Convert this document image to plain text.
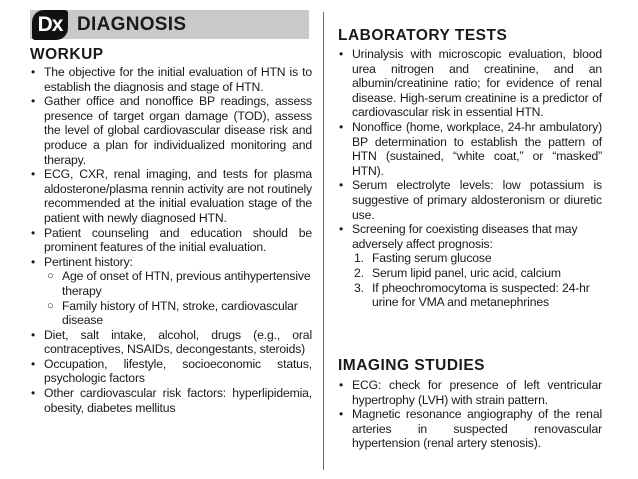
Dx DIAGNOSIS
WORKUP
• The objective for the initial evaluation of HTN is to establish the diagnosis and stage of HTN.
• Gather office and nonoffice BP readings, assess presence of target organ damage (TOD), assess the level of global cardiovascular disease risk and produce a plan for individualized monitoring and therapy.
• ECG, CXR, renal imaging, and tests for plasma aldosterone/plasma rennin activity are not routinely recommended at the initial evaluation stage of the patient with newly diagnosed HTN.
• Patient counseling and education should be prominent features of the initial evaluation.
• Pertinent history:
○ Age of onset of HTN, previous antihypertensive therapy
○ Family history of HTN, stroke, cardiovascular disease
• Diet, salt intake, alcohol, drugs (e.g., oral contraceptives, NSAIDs, decongestants, steroids)
• Occupation, lifestyle, socioeconomic status, psychologic factors
• Other cardiovascular risk factors: hyperlipidemia, obesity, diabetes mellitus
LABORATORY TESTS
• Urinalysis with microscopic evaluation, blood urea nitrogen and creatinine, and an albumin/creatinine ratio; for evidence of renal disease. High-serum creatinine is a predictor of cardiovascular risk in essential HTN.
• Nonoffice (home, workplace, 24-hr ambulatory) BP determination to establish the pattern of HTN (sustained, “white coat,” or “masked” HTN).
• Serum electrolyte levels: low potassium is suggestive of primary aldosteronism or diuretic use.
• Screening for coexisting diseases that may adversely affect prognosis:
1. Fasting serum glucose
2. Serum lipid panel, uric acid, calcium
3. If pheochromocytoma is suspected: 24-hr urine for VMA and metanephrines
IMAGING STUDIES
• ECG: check for presence of left ventricular hypertrophy (LVH) with strain pattern.
• Magnetic resonance angiography of the renal arteries in suspected renovascular hypertension (renal artery stenosis).
